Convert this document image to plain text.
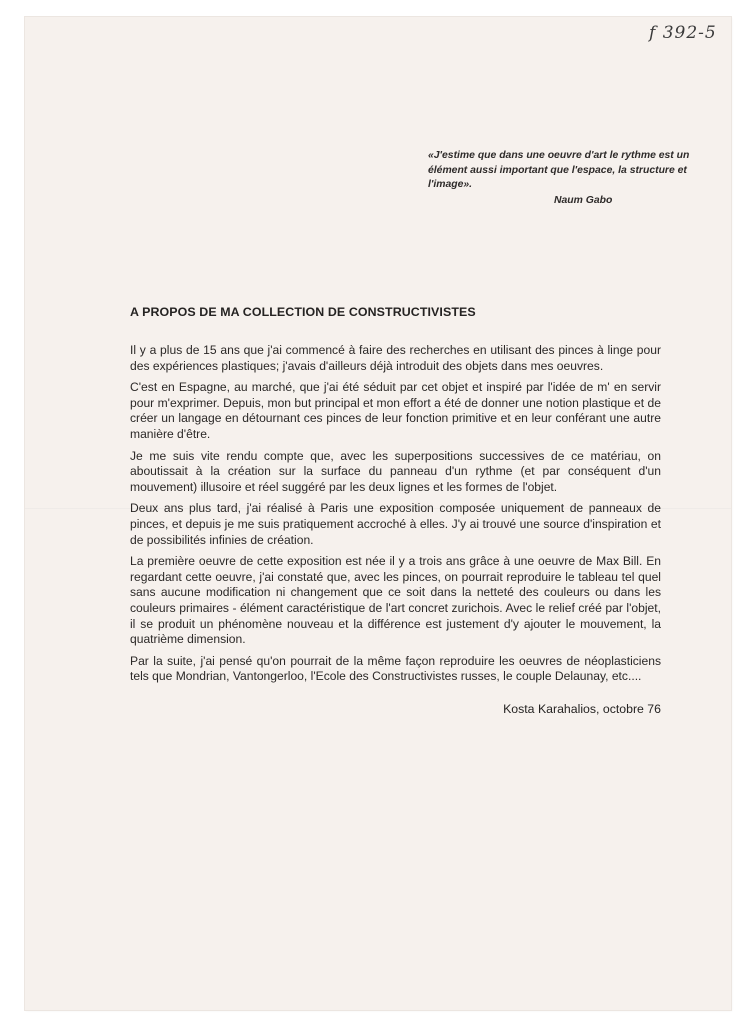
f 392-5
«J'estime que dans une oeuvre d'art le rythme est un élément aussi important que l'espace, la structure et l'image».
Naum Gabo
A PROPOS DE MA COLLECTION DE CONSTRUCTIVISTES

Il y a plus de 15 ans que j'ai commencé à faire des recherches en utilisant des pinces à linge pour des expériences plastiques; j'avais d'ailleurs déjà introduit des objets dans mes oeuvres.

C'est en Espagne, au marché, que j'ai été séduit par cet objet et inspiré par l'idée de m' en servir pour m'exprimer. Depuis, mon but principal et mon effort a été de donner une notion plastique et de créer un langage en détournant ces pinces de leur fonction primitive et en leur conférant une autre manière d'être.

Je me suis vite rendu compte que, avec les superpositions successives de ce matériau, on aboutissait à la création sur la surface du panneau d'un rythme (et par conséquent d'un mouvement) illusoire et réel suggéré par les deux lignes et les formes de l'objet.

Deux ans plus tard, j'ai réalisé à Paris une exposition composée uniquement de panneaux de pinces, et depuis je me suis pratiquement accroché à elles. J'y ai trouvé une source d'inspiration et de possibilités infinies de création.

La première oeuvre de cette exposition est née il y a trois ans grâce à une oeuvre de Max Bill. En regardant cette oeuvre, j'ai constaté que, avec les pinces, on pourrait reproduire le tableau tel quel sans aucune modification ni changement que ce soit dans la netteté des couleurs ou dans les couleurs primaires - élément caractéristique de l'art concret zurichois. Avec le relief créé par l'objet, il se produit un phénomène nouveau et la différence est justement d'y ajouter le mouvement, la quatrième dimension.

Par la suite, j'ai pensé qu'on pourrait de la même façon reproduire les oeuvres de néoplasticiens tels que Mondrian, Vantongerloo, l'Ecole des Constructivistes russes, le couple Delaunay, etc....

Kosta Karahalios, octobre 76
